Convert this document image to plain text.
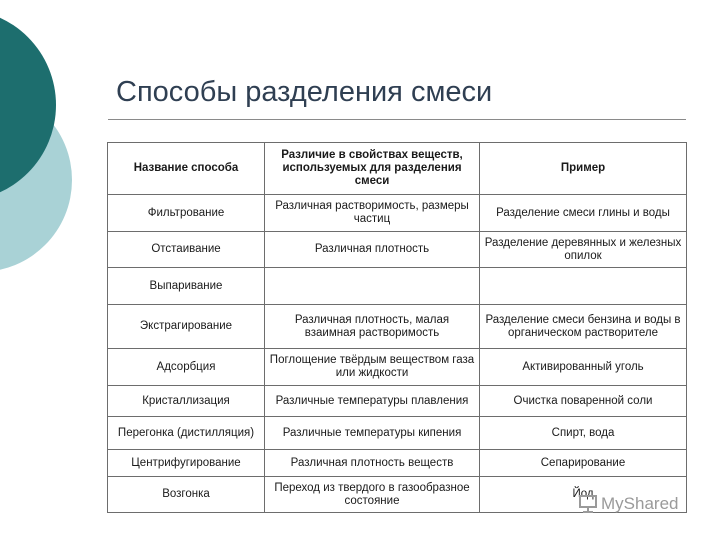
Способы разделения смеси
Название способа	Различие в свойствах веществ, используемых для разделения смеси	Пример
Фильтрование	Различная растворимость, размеры частиц	Разделение смеси глины и воды
Отстаивание	Различная плотность	Разделение деревянных и железных опилок
Выпаривание		
Экстрагирование	Различная плотность, малая взаимная растворимость	Разделение смеси бензина и воды в органическом растворителе
Адсорбция	Поглощение твёрдым веществом газа или жидкости	Активированный уголь
Кристаллизация	Различные температуры плавления	Очистка поваренной соли
Перегонка (дистилляция)	Различные температуры кипения	Спирт, вода
Центрифугирование	Различная плотность веществ	Сепарирование
Возгонка	Переход из твердого в газообразное состояние	Йод MyShared
